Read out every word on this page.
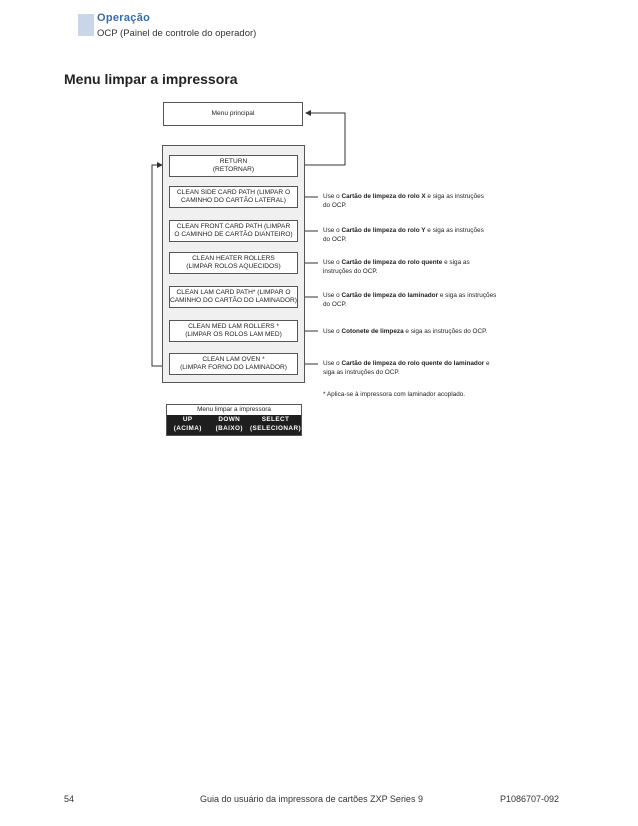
Operação
OCP (Painel de controle do operador)
Menu limpar a impressora
Menu principal
RETURN
(RETORNAR)
CLEAN SIDE CARD PATH (LIMPAR O
CAMINHO DO CARTÃO LATERAL)
CLEAN FRONT CARD PATH (LIMPAR
O CAMINHO DE CARTÃO DIANTEIRO)
CLEAN HEATER ROLLERS
(LIMPAR ROLOS AQUECIDOS)
CLEAN LAM CARD PATH* (LIMPAR O
CAMINHO DO CARTÃO DO LAMINADOR)
CLEAN MED LAM ROLLERS *
(LIMPAR OS ROLOS LAM MED)
CLEAN LAM OVEN *
(LIMPAR FORNO DO LAMINADOR)
Use o Cartão de limpeza do rolo X e siga as instruções
do OCP.
Use o Cartão de limpeza do rolo Y e siga as instruções
do OCP.
Use o Cartão de limpeza do rolo quente e siga as
instruções do OCP.
Use o Cartão de limpeza do laminador e siga as instruções
do OCP.
Use o Cotonete de limpeza e siga as instruções do OCP.
Use o Cartão de limpeza do rolo quente do laminador e
siga as instruções do OCP.
* Aplica-se à impressora com laminador acoplado.
Menu limpar a impressora
UP
(ACIMA)
DOWN
(BAIXO)
SELECT
(SELECIONAR)
54	Guia do usuário da impressora de cartões ZXP Series 9	P1086707-092
